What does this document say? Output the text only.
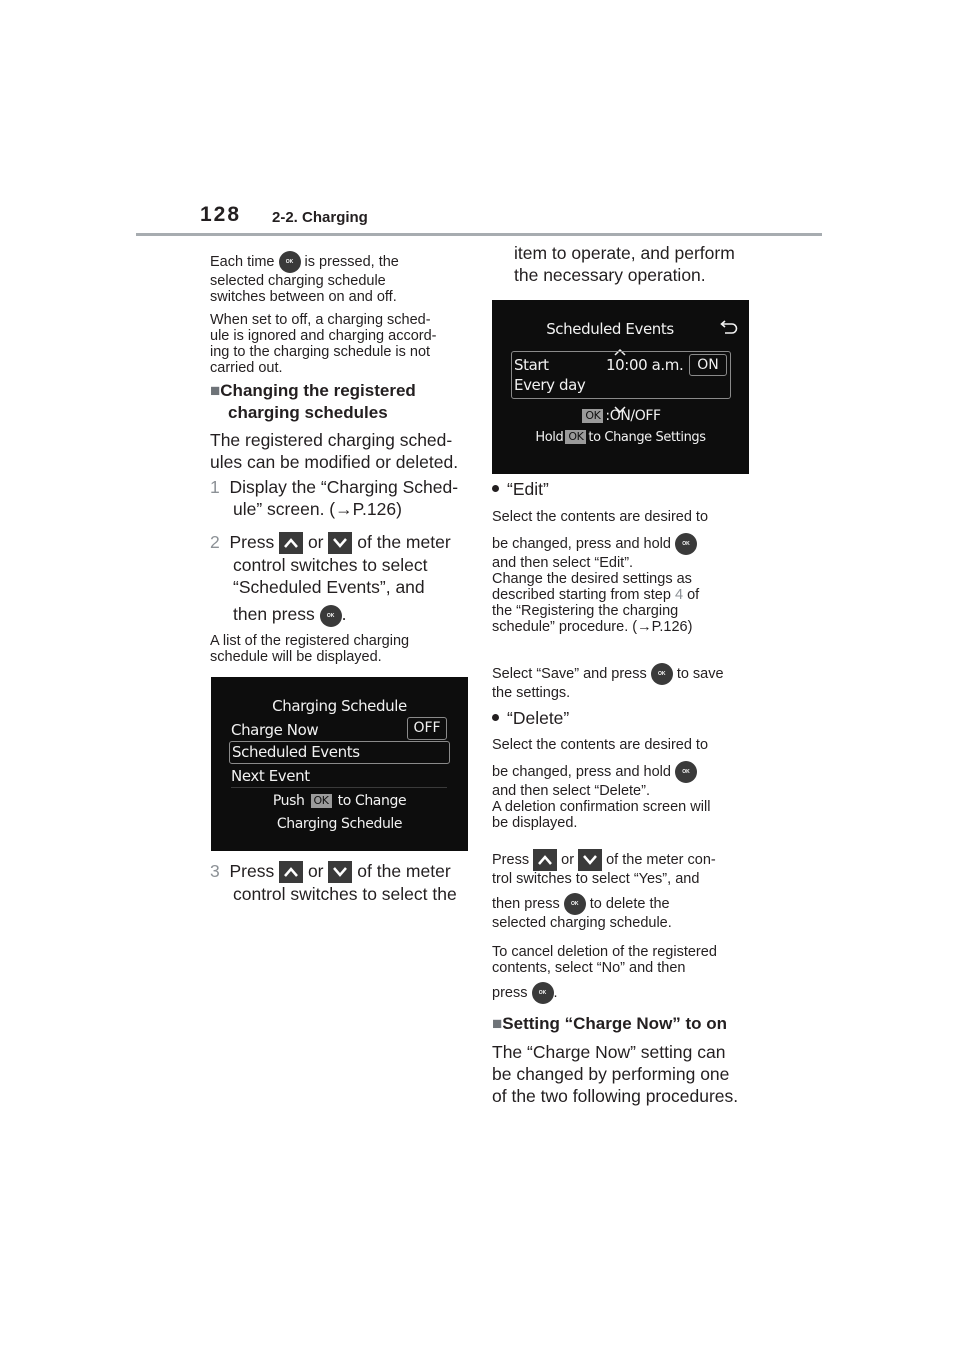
128 2-2. Charging
Each time OK is pressed, the
selected charging schedule
switches between on and off.
When set to off, a charging sched-
ule is ignored and charging accord-
ing to the charging schedule is not
carried out.
■Changing the registered
charging schedules
The registered charging sched-
ules can be modified or deleted.
1 Display the “Charging Sched-
ule” screen. (→P.126)
2 Press or of the meter
control switches to select
“Scheduled Events”, and
then press OK .
A list of the registered charging
schedule will be displayed.
Charging Schedule
Charge Now	OFF
Scheduled Events
Next Event
Push OK to Change
Charging Schedule
3 Press or of the meter
control switches to select the
item to operate, and perform
the necessary operation.
Scheduled Events
Start
Every day
10:00 a.m. ON
OK :ON/OFF
Hold OK to Change Settings
“Edit”
Select the contents are desired to
be changed, press and hold OK
and then select “Edit”.
Change the desired settings as
described starting from step 4 of
the “Registering the charging
schedule” procedure. (→P.126)
Select “Save” and press OK to save
the settings.
“Delete”
Select the contents are desired to
be changed, press and hold OK
and then select “Delete”.
A deletion confirmation screen will
be displayed.
Press or of the meter con-
trol switches to select “Yes”, and
then press OK to delete the
selected charging schedule.
To cancel deletion of the registered
contents, select “No” and then
press OK .
■Setting “Charge Now” to on
The “Charge Now” setting can
be changed by performing one
of the two following procedures.
